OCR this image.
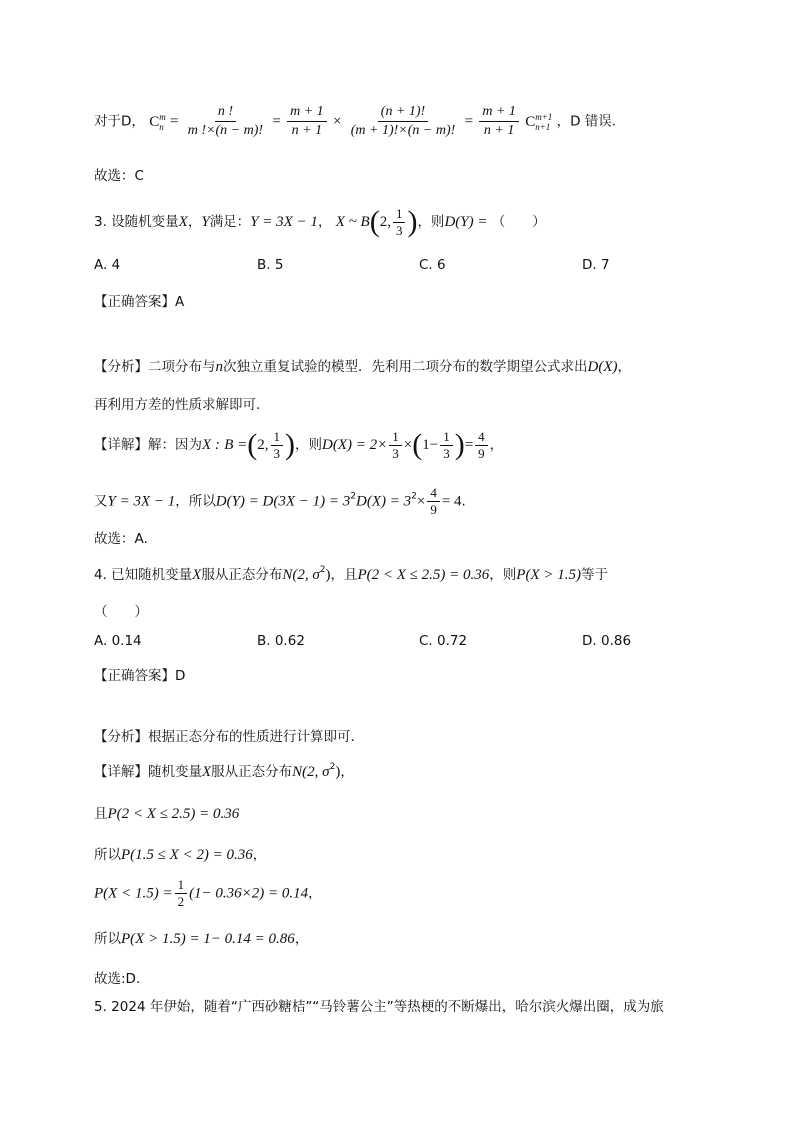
对于D， C m
$n = \frac{n !}{m !\times(n - m)!} = \frac{m + 1}{n + 1} \times \frac{(n + 1)!}{(m + 1)!\times(n - m)!} = \frac{m + 1}{n + 1}$ C m+1
n+1 ，D 错误.
故选：C
3. 设随机变量X，Y满足：Y = 3X − 1， X ~ B(2, $\frac{1}{3}$ )，则D(Y) = （　　）
A. 4	B. 5	C. 6	D. 7
【正确答案】A
【分析】二项分布与n次独立重复试验的模型．先利用二项分布的数学期望公式求出D(X)，
再利用方差的性质求解即可.
【详解】解：因为X : B =(2, $\frac{1}{3}$ )，则$D(X) = 2\times \frac{1}{3} \times(1- \frac{1}{3}$ )= $\frac{4}{9}$ ，
又Y = 3X − 1，所以$D(Y) = D(3X - 1) = 3^2D(X) = 3^2\times \frac{4}{9} = 4$.
故选：A.
4. 已知随机变量X服从正态分布N(2, $\sigma^2$)，且P(2 < X ≤ 2.5) = 0.36，则P(X > 1.5)等于
（　　）
A. 0.14	B. 0.62	C. 0.72	D. 0.86
【正确答案】D
【分析】根据正态分布的性质进行计算即可.
【详解】随机变量X服从正态分布N(2, $\sigma^2$)，
且P(2 < X ≤ 2.5) = 0.36
所以P(1.5 ≤ X < 2) = 0.36，
$P(X < 1.5) = \frac{1}{2} (1- 0.36\times 2) = 0.14$，
所以P(X > 1.5) = 1− 0.14 = 0.86，
故选:D.
5. 2024 年伊始，随着“广西砂糖桔”“马铃薯公主”等热梗的不断爆出，哈尔滨火爆出圈，成为旅
